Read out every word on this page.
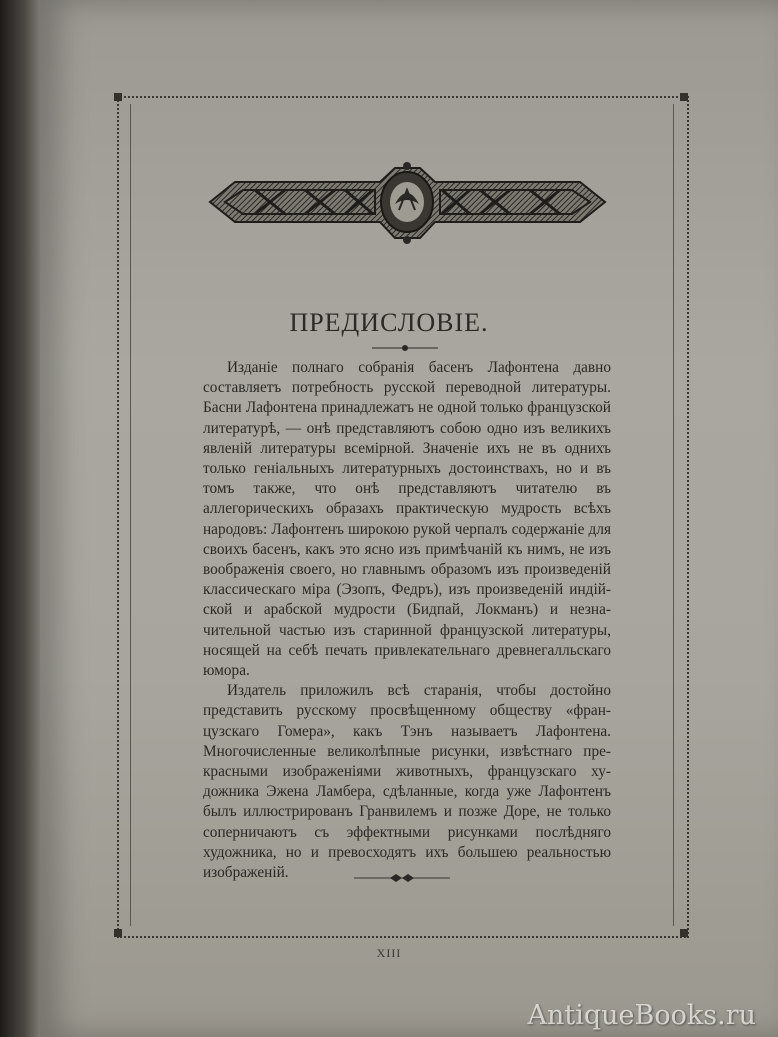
ПРЕДИСЛОВІЕ.

Изданіе полнаго собранія басенъ Лафонтена давно составляетъ потребность русской переводной литературы. Басни Лафонтена принадлежатъ не одной только французской литературѣ, — онѣ представляютъ собою одно изъ великихъ явленій литературы всемірной. Значеніе ихъ не въ однихъ только геніальныхъ литературныхъ достоинствахъ, но и въ томъ также, что онѣ представляютъ читателю въ аллегорическихъ образахъ практическую мудрость всѣхъ народовъ: Лафонтенъ широкою рукой черпалъ содержаніе для своихъ басенъ, какъ это ясно изъ примѣчаній къ нимъ, не изъ воображенія своего, но главнымъ образомъ изъ произведеній классическаго міра (Эзопъ, Федръ), изъ произведеній индійской и арабской мудрости (Бидпай, Локманъ) и незначительной частью изъ старинной французской литературы, носящей на себѣ печать привлекательнаго древнегалльскаго юмора.

Издатель приложилъ всѣ старанія, чтобы достойно представить русскому просвѣщенному обществу «французскаго Гомера», какъ Тэнъ называетъ Лафонтена. Многочисленные великолѣпные рисунки, извѣстнаго прекрасными изображеніями животныхъ, французскаго художника Эжена Ламбера, сдѣланные, когда уже Лафонтенъ былъ иллюстрированъ Гранвилемъ и позже Доре, не только соперничаютъ съ эффектными рисунками послѣдняго художника, но и превосходятъ ихъ большею реальностью изображеній.

XIII
AntiqueBooks.ru
